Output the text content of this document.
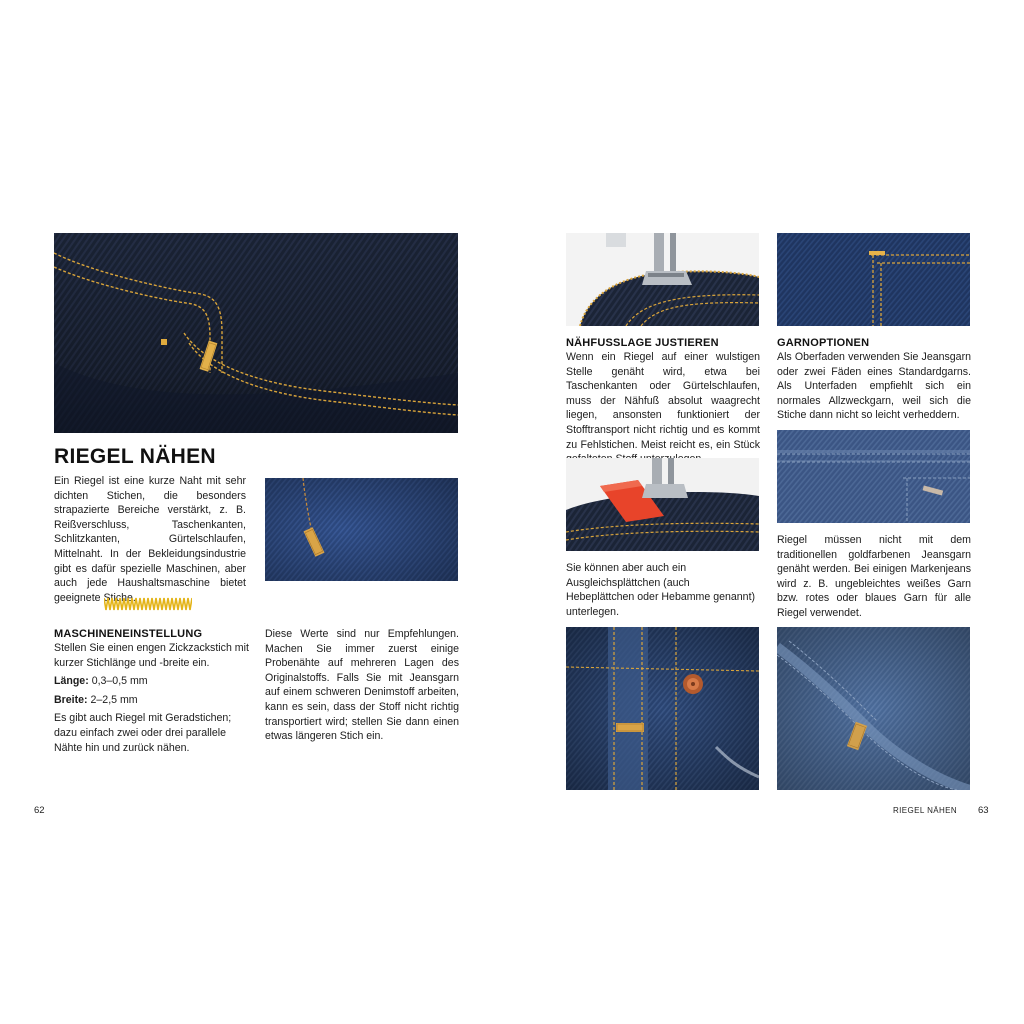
RIEGEL NÄHEN

Ein Riegel ist eine kurze Naht mit sehr dichten Stichen, die besonders strapazierte Bereiche verstärkt, z. B. Reißverschluss, Taschenkanten, Schlitzkanten, Gürtelschlaufen, Mittelnaht. In der Bekleidungsindustrie gibt es dafür spezielle Maschinen, aber auch jede Haushaltsmaschine bietet geeignete Stiche.

MASCHINENEINSTELLUNG

Stellen Sie einen engen Zickzackstich mit kurzer Stichlänge und -breite ein.

Länge: 0,3–0,5 mm

Breite: 2–2,5 mm

Es gibt auch Riegel mit Geradstichen; dazu einfach zwei oder drei parallele Nähte hin und zurück nähen.

Diese Werte sind nur Empfehlungen. Machen Sie immer zuerst einige Probenähte auf mehreren Lagen des Originalstoffs. Falls Sie mit Jeansgarn auf einem schweren Denimstoff arbeiten, kann es sein, dass der Stoff nicht richtig transportiert wird; stellen Sie dann einen etwas längeren Stich ein.

62
NÄHFUSSLAGE JUSTIEREN

Wenn ein Riegel auf einer wulstigen Stelle genäht wird, etwa bei Taschenkanten oder Gürtelschlaufen, muss der Nähfuß absolut waagrecht liegen, ansonsten funktioniert der Stofftransport nicht richtig und es kommt zu Fehlstichen. Meist reicht es, ein Stück

GARNOPTIONEN

Als Oberfaden verwenden Sie Jeansgarn oder zwei Fäden eines Standardgarns. Als Unterfaden empfiehlt sich ein normales Allzweckgarn, weil sich die Stiche dann nicht so leicht verheddern.

Sie können aber auch ein Ausgleichsplättchen (auch Hebeplättchen oder Hebamme genannt) unterlegen.

Riegel müssen nicht mit dem traditionellen goldfarbenen Jeansgarn genäht werden. Bei einigen Markenjeans wird z. B. ungebleichtes weißes Garn bzw. rotes oder blaues Garn für alle Riegel verwendet.

RIEGEL NÄHEN 63
